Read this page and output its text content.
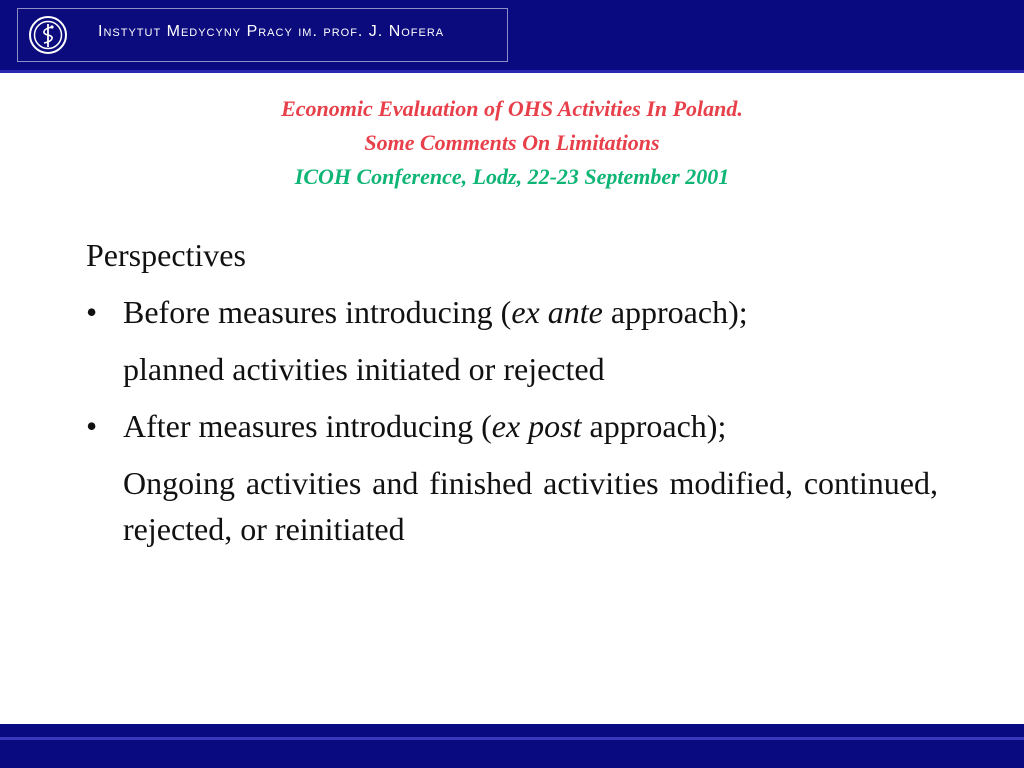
Instytut Medycyny Pracy im. prof. J. Nofera
Economic Evaluation of OHS Activities In Poland.
Some Comments On Limitations
ICOH Conference, Lodz, 22-23 September 2001
Perspectives
• Before measures introducing (ex ante approach);
planned activities initiated or rejected
• After measures introducing (ex post approach);
Ongoing activities and finished activities modified, continued, rejected, or reinitiated
